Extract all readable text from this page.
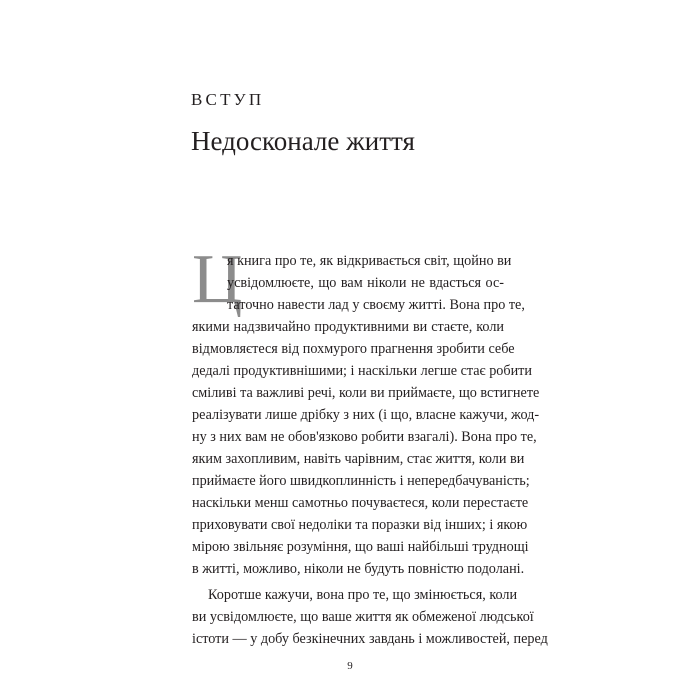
ВСТУП
Недосконале життя
Ц
я книга про те, як відкривається світ, щойно ви
усвідомлюєте, що вам ніколи не вдасться ос-
таточно навести лад у своєму житті. Вона про те,
якими надзвичайно продуктивними ви стаєте, коли
відмовляєтеся від похмурого прагнення зробити себе
дедалі продуктивнішими; і наскільки легше стає робити
сміливі та важливі речі, коли ви приймаєте, що встигнете
реалізувати лише дрібку з них (і що, власне кажучи, жод-
ну з них вам не обов'язково робити взагалі). Вона про те,
яким захопливим, навіть чарівним, стає життя, коли ви
приймаєте його швидкоплинність і непередбачуваність;
наскільки менш самотньо почуваєтеся, коли перестаєте
приховувати свої недоліки та поразки від інших; і якою
мірою звільняє розуміння, що ваші найбільші труднощі
в житті, можливо, ніколи не будуть повністю подолані.
Коротше кажучи, вона про те, що змінюється, коли
ви усвідомлюєте, що ваше життя як обмеженої людської
істоти — у добу безкінечних завдань і можливостей, перед
9
